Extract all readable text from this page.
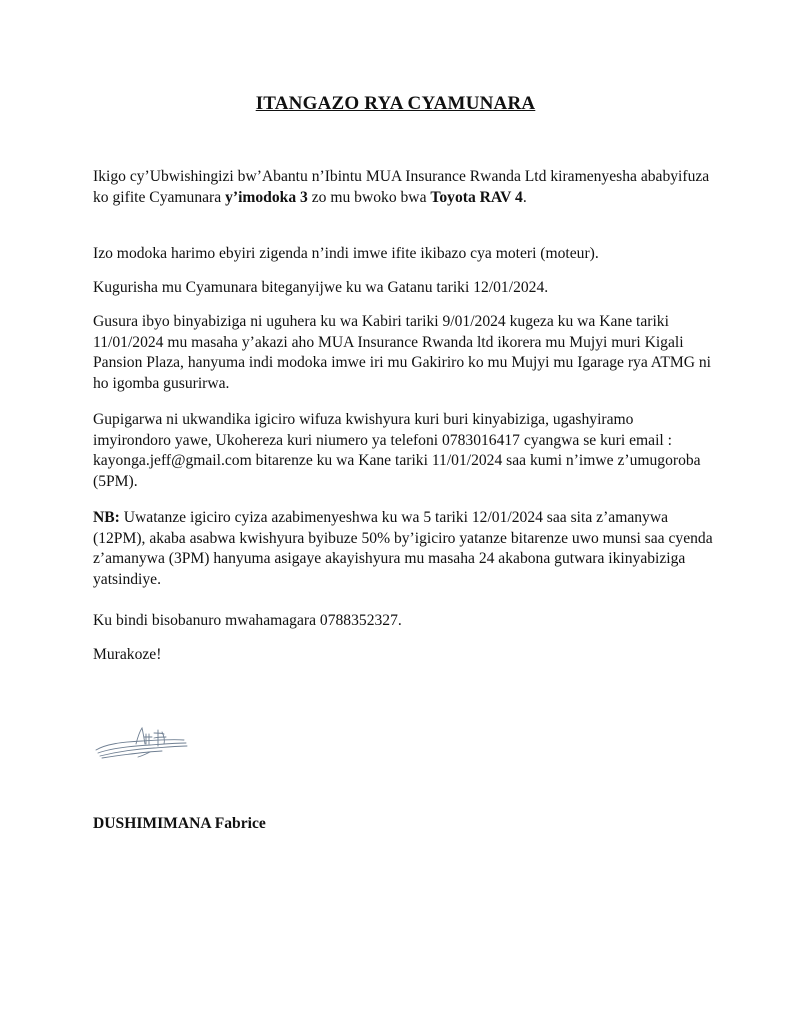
ITANGAZO RYA CYAMUNARA

Ikigo cy’Ubwishingizi bw’Abantu n’Ibintu MUA Insurance Rwanda Ltd kiramenyesha ababyifuza ko gifite Cyamunara y’imodoka 3 zo mu bwoko bwa Toyota RAV 4.

Izo modoka harimo ebyiri zigenda n’indi imwe ifite ikibazo cya moteri (moteur).

Kugurisha mu Cyamunara biteganyijwe ku wa Gatanu tariki 12/01/2024.

Gusura ibyo binyabiziga ni uguhera ku wa Kabiri tariki 9/01/2024 kugeza ku wa Kane tariki 11/01/2024 mu masaha y’akazi aho MUA Insurance Rwanda ltd ikorera mu Mujyi muri Kigali Pansion Plaza, hanyuma indi modoka imwe iri mu Gakiriro ko mu Mujyi mu Igarage rya ATMG ni ho igomba gusurirwa.

Gupigarwa ni ukwandika igiciro wifuza kwishyura kuri buri kinyabiziga, ugashyiramo imyirondoro yawe, Ukohereza kuri niumero ya telefoni 0783016417 cyangwa se kuri email : kayonga.jeff@gmail.com bitarenze ku wa Kane tariki 11/01/2024 saa kumi n’imwe z’umugoroba (5PM).

NB: Uwatanze igiciro cyiza azabimenyeshwa ku wa 5 tariki 12/01/2024 saa sita z’amanywa (12PM), akaba asabwa kwishyura byibuze 50% by’igiciro yatanze bitarenze uwo munsi saa cyenda z’amanywa (3PM) hanyuma asigaye akayishyura mu masaha 24 akabona gutwara ikinyabiziga yatsindiye.

Ku bindi bisobanuro mwahamagara 0788352327.

Murakoze!

DUSHIMIMANA Fabrice
